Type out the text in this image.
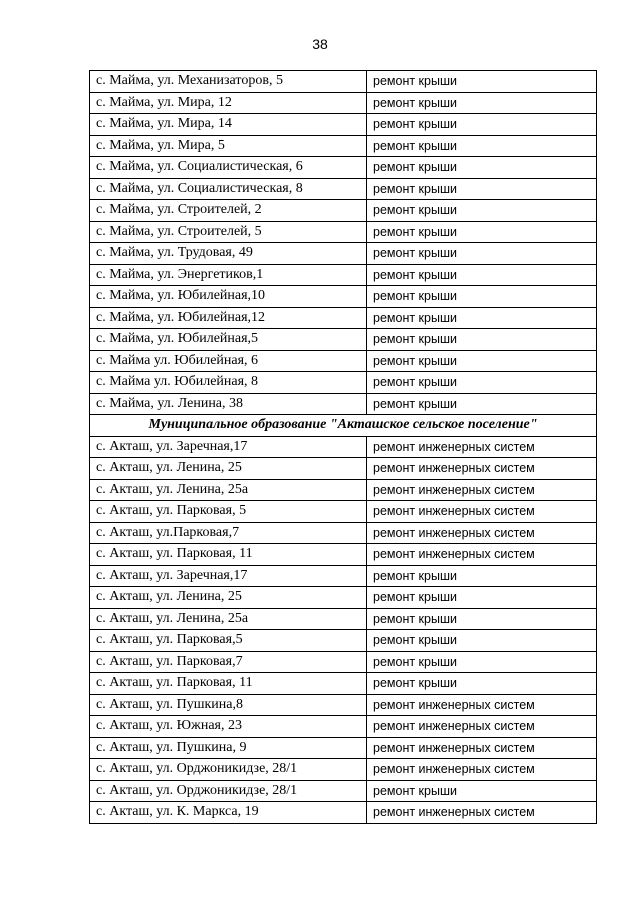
38
с. Майма, ул. Механизаторов, 5	ремонт крыши
с. Майма, ул. Мира, 12	ремонт крыши
с. Майма, ул. Мира, 14	ремонт крыши
с. Майма, ул. Мира, 5	ремонт крыши
с. Майма, ул. Социалистическая, 6	ремонт крыши
с. Майма, ул. Социалистическая, 8	ремонт крыши
с. Майма, ул. Строителей, 2	ремонт крыши
с. Майма, ул. Строителей, 5	ремонт крыши
с. Майма, ул. Трудовая, 49	ремонт крыши
с. Майма, ул. Энергетиков,1	ремонт крыши
с. Майма, ул. Юбилейная,10	ремонт крыши
с. Майма, ул. Юбилейная,12	ремонт крыши
с. Майма, ул. Юбилейная,5	ремонт крыши
с. Майма ул. Юбилейная, 6	ремонт крыши
с. Майма ул. Юбилейная, 8	ремонт крыши
с. Майма, ул. Ленина, 38	ремонт крыши
Муниципальное образование "Акташское сельское поселение"	
с. Акташ, ул. Заречная,17	ремонт инженерных систем
с. Акташ, ул. Ленина, 25	ремонт инженерных систем
с. Акташ, ул. Ленина, 25а	ремонт инженерных систем
с. Акташ, ул. Парковая, 5	ремонт инженерных систем
с. Акташ, ул.Парковая,7	ремонт инженерных систем
с. Акташ, ул. Парковая, 11	ремонт инженерных систем
с. Акташ, ул. Заречная,17	ремонт крыши
с. Акташ, ул. Ленина, 25	ремонт крыши
с. Акташ, ул. Ленина, 25а	ремонт крыши
с. Акташ, ул. Парковая,5	ремонт крыши
с. Акташ, ул. Парковая,7	ремонт крыши
с. Акташ, ул. Парковая, 11	ремонт крыши
с. Акташ, ул. Пушкина,8	ремонт инженерных систем
с. Акташ, ул. Южная, 23	ремонт инженерных систем
с. Акташ, ул. Пушкина, 9	ремонт инженерных систем
с. Акташ, ул. Орджоникидзе, 28/1	ремонт инженерных систем
с. Акташ, ул. Орджоникидзе, 28/1	ремонт крыши
с. Акташ, ул. К. Маркса, 19	ремонт инженерных систем
